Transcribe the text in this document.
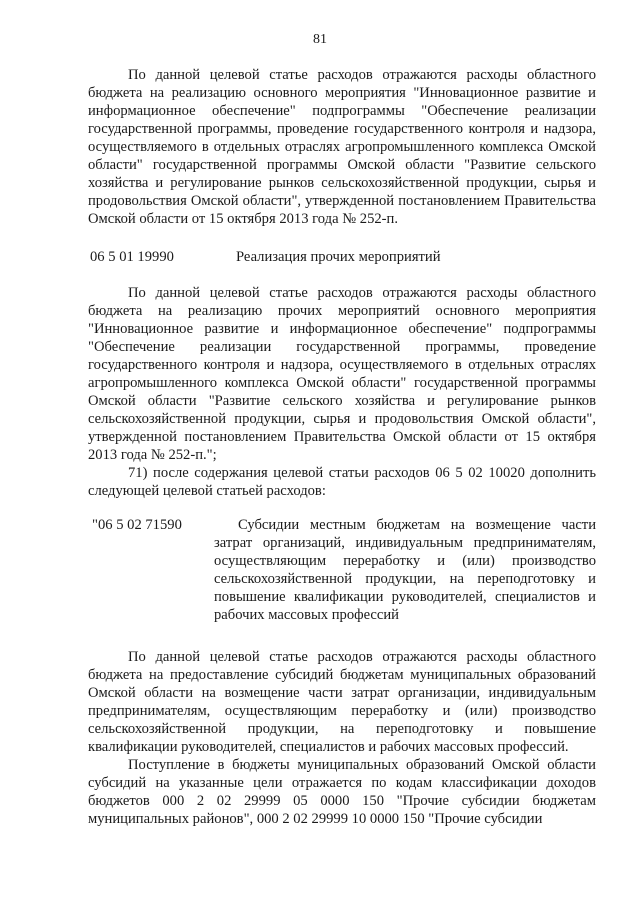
81

По данной целевой статье расходов отражаются расходы областного бюджета на реализацию основного мероприятия "Инновационное развитие и информационное обеспечение" подпрограммы "Обеспечение реализации государственной программы, проведение государственного контроля и надзора, осуществляемого в отдельных отраслях агропромышленного комплекса Омской области" государственной программы Омской области "Развитие сельского хозяйства и регулирование рынков сельскохозяйственной продукции, сырья и продовольствия Омской области", утвержденной постановлением Правительства Омской области от 15 октября 2013 года № 252-п.

06 5 01 19990	Реализация прочих мероприятий

По данной целевой статье расходов отражаются расходы областного бюджета на реализацию прочих мероприятий основного мероприятия "Инновационное развитие и информационное обеспечение" подпрограммы "Обеспечение реализации государственной программы, проведение государственного контроля и надзора, осуществляемого в отдельных отраслях агропромышленного комплекса Омской области" государственной программы Омской области "Развитие сельского хозяйства и регулирование рынков сельскохозяйственной продукции, сырья и продовольствия Омской области", утвержденной постановлением Правительства Омской области от 15 октября 2013 года № 252-п.";

71) после содержания целевой статьи расходов 06 5 02 10020 дополнить следующей целевой статьей расходов:

"06 5 02 71590	Субсидии местным бюджетам на возмещение части затрат организаций, индивидуальным предпринимателям, осуществляющим переработку и (или) производство сельскохозяйственной продукции, на переподготовку и повышение квалификации руководителей, специалистов и рабочих массовых профессий

По данной целевой статье расходов отражаются расходы областного бюджета на предоставление субсидий бюджетам муниципальных образований Омской области на возмещение части затрат организации, индивидуальным предпринимателям, осуществляющим переработку и (или) производство сельскохозяйственной продукции, на переподготовку и повышение квалификации руководителей, специалистов и рабочих массовых профессий.

Поступление в бюджеты муниципальных образований Омской области субсидий на указанные цели отражается по кодам классификации доходов бюджетов 000 2 02 29999 05 0000 150 "Прочие субсидии бюджетам муниципальных районов", 000 2 02 29999 10 0000 150 "Прочие субсидии
